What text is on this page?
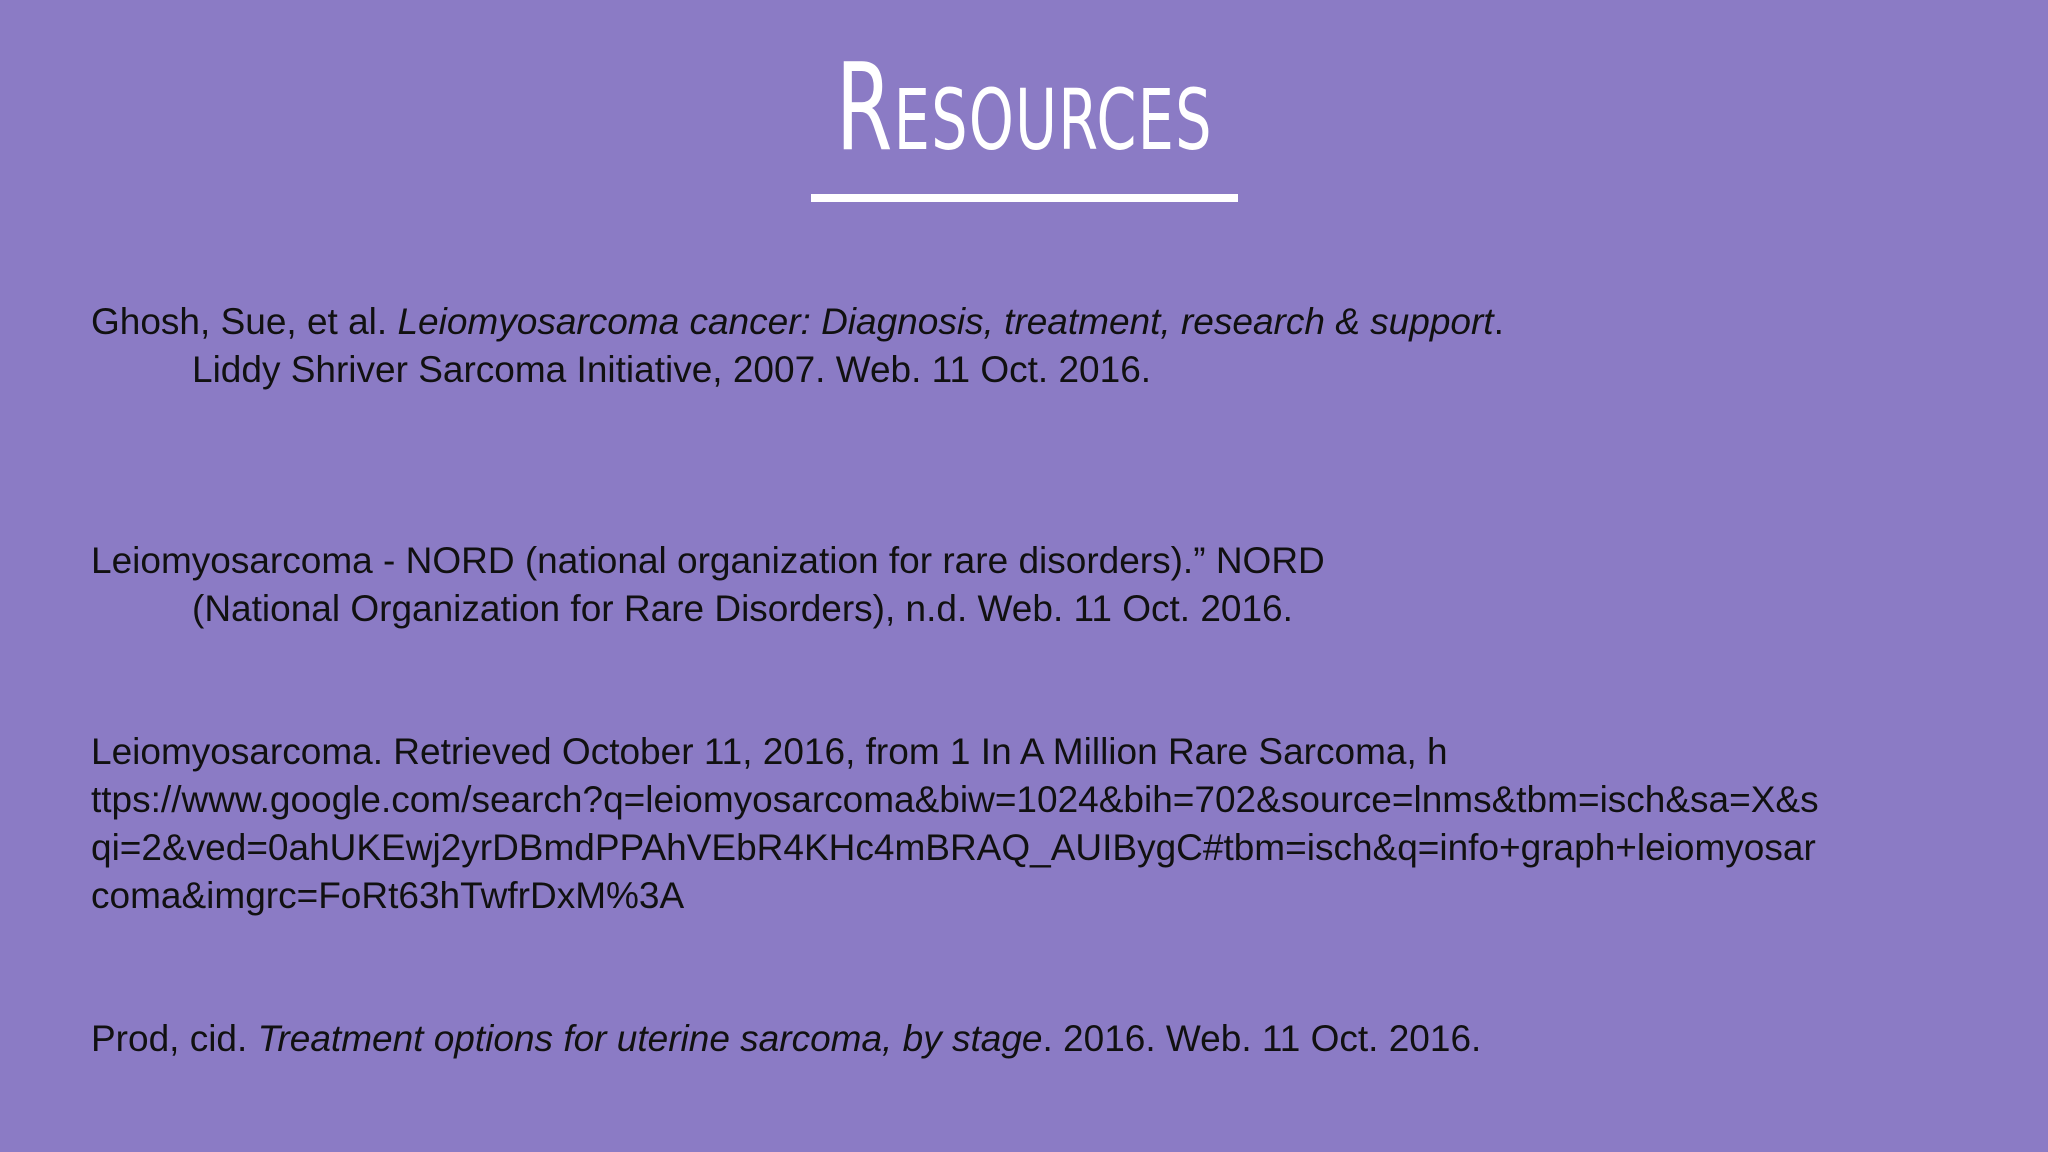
Resources
Ghosh, Sue, et al. Leiomyosarcoma cancer: Diagnosis, treatment, research & support.
Liddy Shriver Sarcoma Initiative, 2007. Web. 11 Oct. 2016.
Leiomyosarcoma - NORD (national organization for rare disorders).” NORD
(National Organization for Rare Disorders), n.d. Web. 11 Oct. 2016.
Leiomyosarcoma. Retrieved October 11, 2016, from 1 In A Million Rare Sarcoma, h
ttps://www.google.com/search?q=leiomyosarcoma&biw=1024&bih=702&source=lnms&tbm=isch&sa=X&s
qi=2&ved=0ahUKEwj2yrDBmdPPAhVEbR4KHc4mBRAQ_AUIBygC#tbm=isch&q=info+graph+leiomyosar
coma&imgrc=FoRt63hTwfrDxM%3A
Prod, cid. Treatment options for uterine sarcoma, by stage. 2016. Web. 11 Oct. 2016.
